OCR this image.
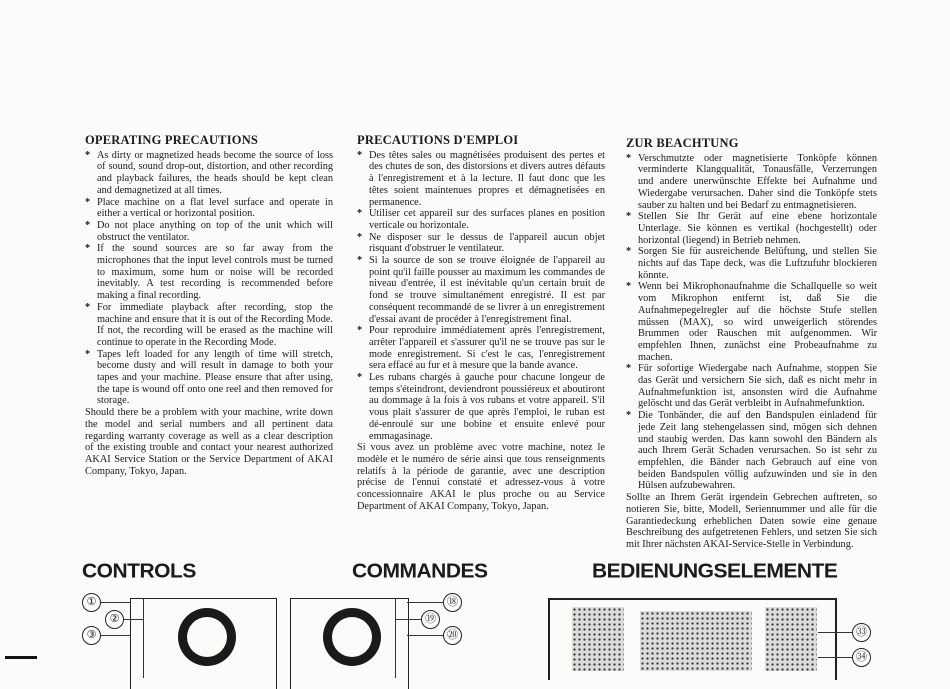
OPERATING PRECAUTIONS
* As dirty or magnetized heads become the source of loss of sound, sound drop-out, distortion, and other recording and playback failures, the heads should be kept clean and demagnetized at all times.
* Place machine on a flat level surface and operate in either a vertical or horizontal position.
* Do not place anything on top of the unit which will obstruct the ventilator.
* If the sound sources are so far away from the microphones that the input level controls must be turned to maximum, some hum or noise will be recorded inevitably. A test recording is recommended before making a final recording.
* For immediate playback after recording, stop the machine and ensure that it is out of the Recording Mode. If not, the recording will be erased as the machine will continue to operate in the Recording Mode.
* Tapes left loaded for any length of time will stretch, become dusty and will result in damage to both your tapes and your machine. Please ensure that after using, the tape is wound off onto one reel and then removed for storage.

Should there be a problem with your machine, write down the model and serial numbers and all pertinent data regarding warranty coverage as well as a clear description of the existing trouble and contact your nearest authorized AKAI Service Station or the Service Department of AKAI Company, Tokyo, Japan.

PRECAUTIONS D'EMPLOI
* Des têtes sales ou magnétisées produisent des pertes et des chutes de son, des distorsions et divers autres défauts à l'enregistrement et à la lecture. Il faut donc que les têtes soient maintenues propres et démagnetisées en permanence.
* Utiliser cet appareil sur des surfaces planes en position verticale ou horizontale.
* Ne disposer sur le dessus de l'appareil aucun objet risquant d'obstruer le ventilateur.
* Si la source de son se trouve éloignée de l'appareil au point qu'il faille pousser au maximum les commandes de niveau d'entrée, il est inévitable qu'un certain bruit de fond se trouve simultanément enregistré. Il est par conséquent recommandé de se livrer à un enregistrement d'essai avant de procéder à l'enregistrement final.
* Pour reproduire immédiatement après l'enregistrement, arrêter l'appareil et s'assurer qu'il ne se trouve pas sur le mode enregistrement. Si c'est le cas, l'enregistrement sera effacé au fur et à mesure que la bande avance.
* Les rubans chargés à gauche pour chacune longeur de temps s'éteindront, deviendront poussiéreux et aboutiront au dommage à la fois à vos rubans et votre appareil. S'il vous plait s'assurer de que après l'emploi, le ruban est dé-enroulé sur une bobine et ensuite enlevé pour emmagasinage.

Si vous avez un problème avec votre machine, notez le modèle et le numéro de série ainsi que tous renseignments relatifs à la période de garantie, avec une description précise de l'ennui constaté et adressez-vous à votre concessionnaire AKAI le plus proche ou au Service Department of AKAI Company, Tokyo, Japan.

ZUR BEACHTUNG
* Verschmutzte oder magnetisierte Tonköpfe können verminderte Klangqualität, Tonausfälle, Verzerrungen und andere unerwünschte Effekte bei Aufnahme und Wiedergabe verursachen. Daher sind die Tonköpfe stets sauber zu halten und bei Bedarf zu entmagnetisieren.
* Stellen Sie Ihr Gerät auf eine ebene horizontale Unterlage. Sie können es vertikal (hochgestellt) oder horizontal (liegend) in Betrieb nehmen.
* Sorgen Sie für ausreichende Belüftung, und stellen Sie nichts auf das Tape deck, was die Luftzufuhr blockieren könnte.
* Wenn bei Mikrophonaufnahme die Schallquelle so weit vom Mikrophon entfernt ist, daß Sie die Aufnahmepegelregler auf die höchste Stufe stellen müssen (MAX), so wird unweigerlich störendes Brummen oder Rauschen mit aufgenommen. Wir empfehlen Ihnen, zunächst eine Probeaufnahme zu machen.
* Für sofortige Wiedergabe nach Aufnahme, stoppen Sie das Gerät und versichern Sie sich, daß es nicht mehr in Aufnahmefunktion ist, ansonsten wird die Aufnahme gelöscht und das Gerät verbleibt in Aufnahmefunktion.
* Die Tonbänder, die auf den Bandspulen einladend für jede Zeit lang stehengelassen sind, mögen sich dehnen und staubig werden. Das kann sowohl den Bändern als auch Ihrem Gerät Schaden verursachen. So ist sehr zu empfehlen, die Bänder nach Gebrauch auf eine von beiden Bandspulen völlig aufzuwinden und sie in den Hülsen aufzubewahren.

Sollte an Ihrem Gerät irgendein Gebrechen auftreten, so notieren Sie, bitte, Modell, Seriennummer und alle für die Garantiedeckung erheblichen Daten sowie eine genaue Beschreibung des aufgetretenen Fehlers, und setzen Sie sich mit Ihrer nächsten AKAI-Service-Stelle in Verbindung.

CONTROLS	COMMANDES	BEDIENUNGSELEMENTE
①
②
③
⑱
⑲
⑳	㉝
㉞
